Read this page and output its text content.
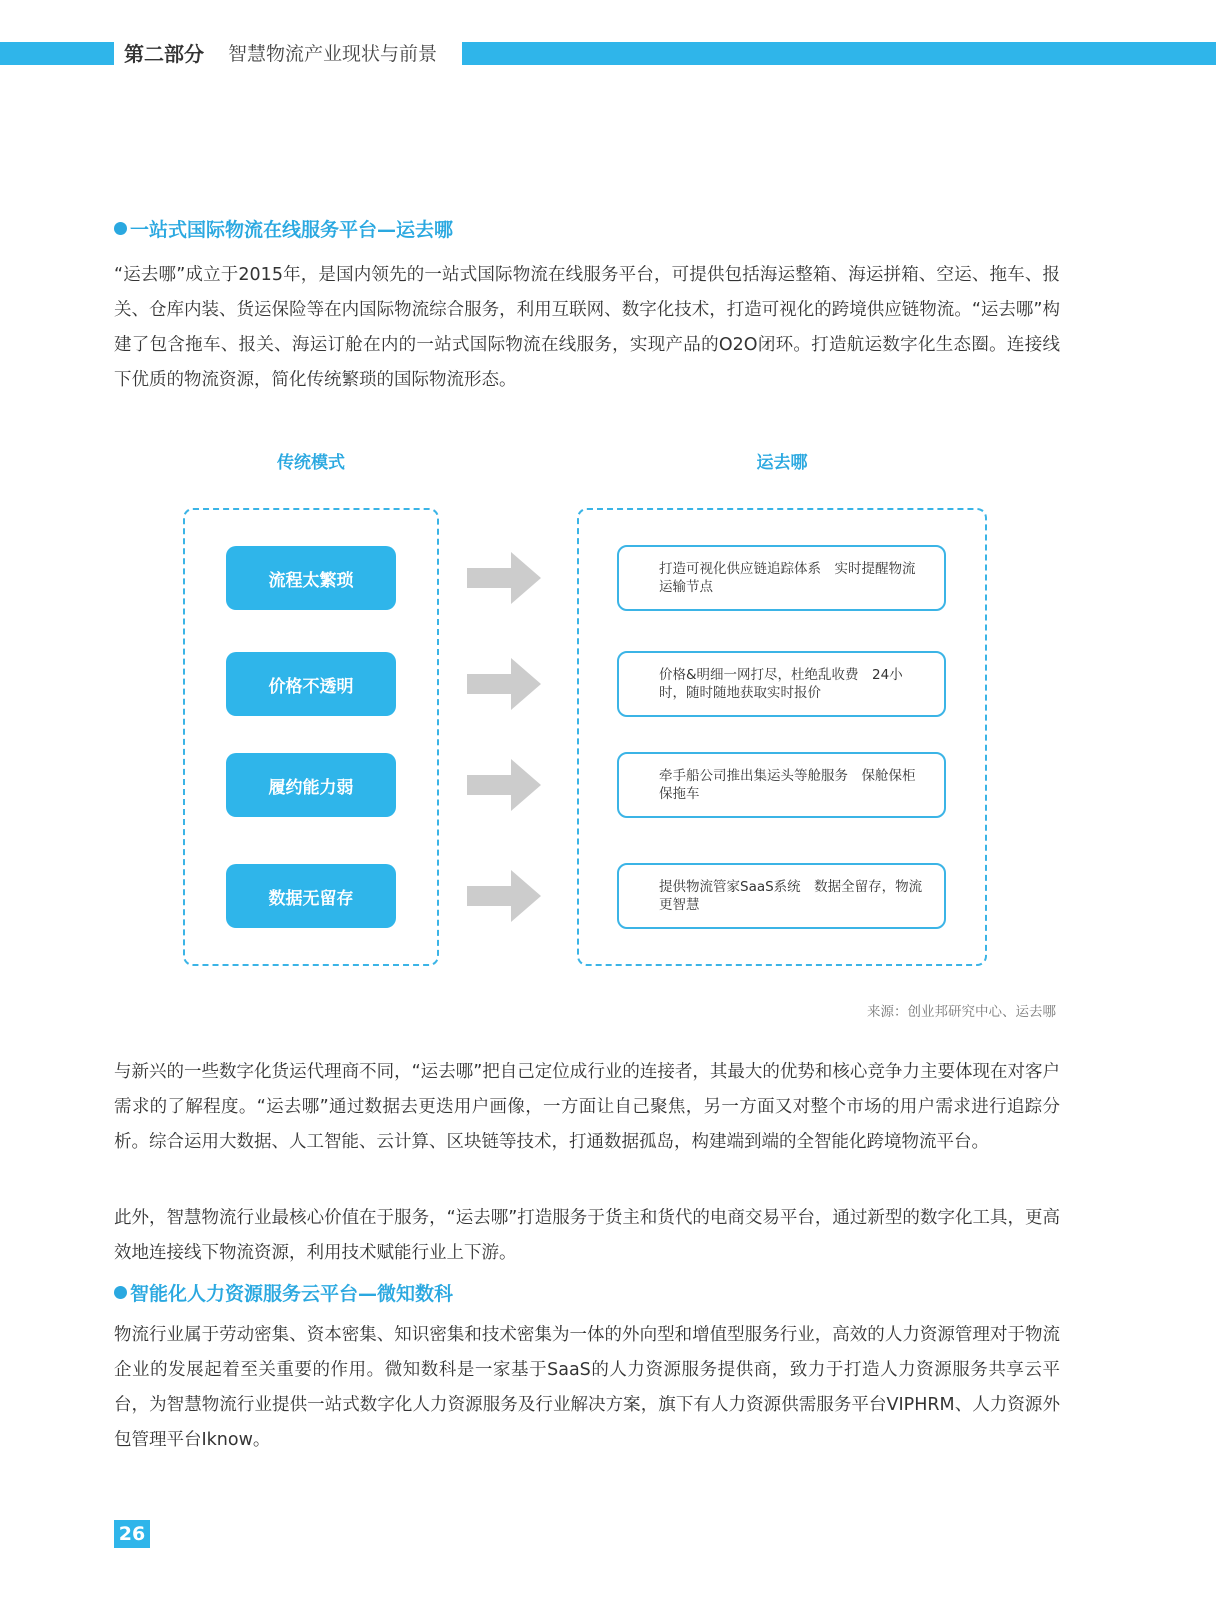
第二部分 智慧物流产业现状与前景
一站式国际物流在线服务平台—运去哪
“运去哪”成立于2015年，是国内领先的一站式国际物流在线服务平台，可提供包括海运整箱、海运拼箱、空运、拖车、报关、仓库内装、货运保险等在内国际物流综合服务，利用互联网、数字化技术，打造可视化的跨境供应链物流。“运去哪”构建了包含拖车、报关、海运订舱在内的一站式国际物流在线服务，实现产品的O2O闭环。打造航运数字化生态圈。连接线下优质的物流资源，简化传统繁琐的国际物流形态。
传统模式	运去哪
流程太繁琐
价格不透明
履约能力弱
数据无留存
打造可视化供应链追踪体系　实时提醒物流运输节点
价格&明细一网打尽，杜绝乱收费　24小时，随时随地获取实时报价
牵手船公司推出集运头等舱服务　保舱保柜保拖车
提供物流管家SaaS系统　数据全留存，物流更智慧
来源：创业邦研究中心、运去哪
与新兴的一些数字化货运代理商不同，“运去哪”把自己定位成行业的连接者，其最大的优势和核心竞争力主要体现在对客户需求的了解程度。“运去哪”通过数据去更迭用户画像，一方面让自己聚焦，另一方面又对整个市场的用户需求进行追踪分析。综合运用大数据、人工智能、云计算、区块链等技术，打通数据孤岛，构建端到端的全智能化跨境物流平台。
此外，智慧物流行业最核心价值在于服务，“运去哪”打造服务于货主和货代的电商交易平台，通过新型的数字化工具，更高效地连接线下物流资源，利用技术赋能行业上下游。
智能化人力资源服务云平台—微知数科
物流行业属于劳动密集、资本密集、知识密集和技术密集为一体的外向型和增值型服务行业，高效的人力资源管理对于物流企业的发展起着至关重要的作用。微知数科是一家基于SaaS的人力资源服务提供商，致力于打造人力资源服务共享云平台，为智慧物流行业提供一站式数字化人力资源服务及行业解决方案，旗下有人力资源供需服务平台VIPHRM、人力资源外包管理平台Iknow。
26
